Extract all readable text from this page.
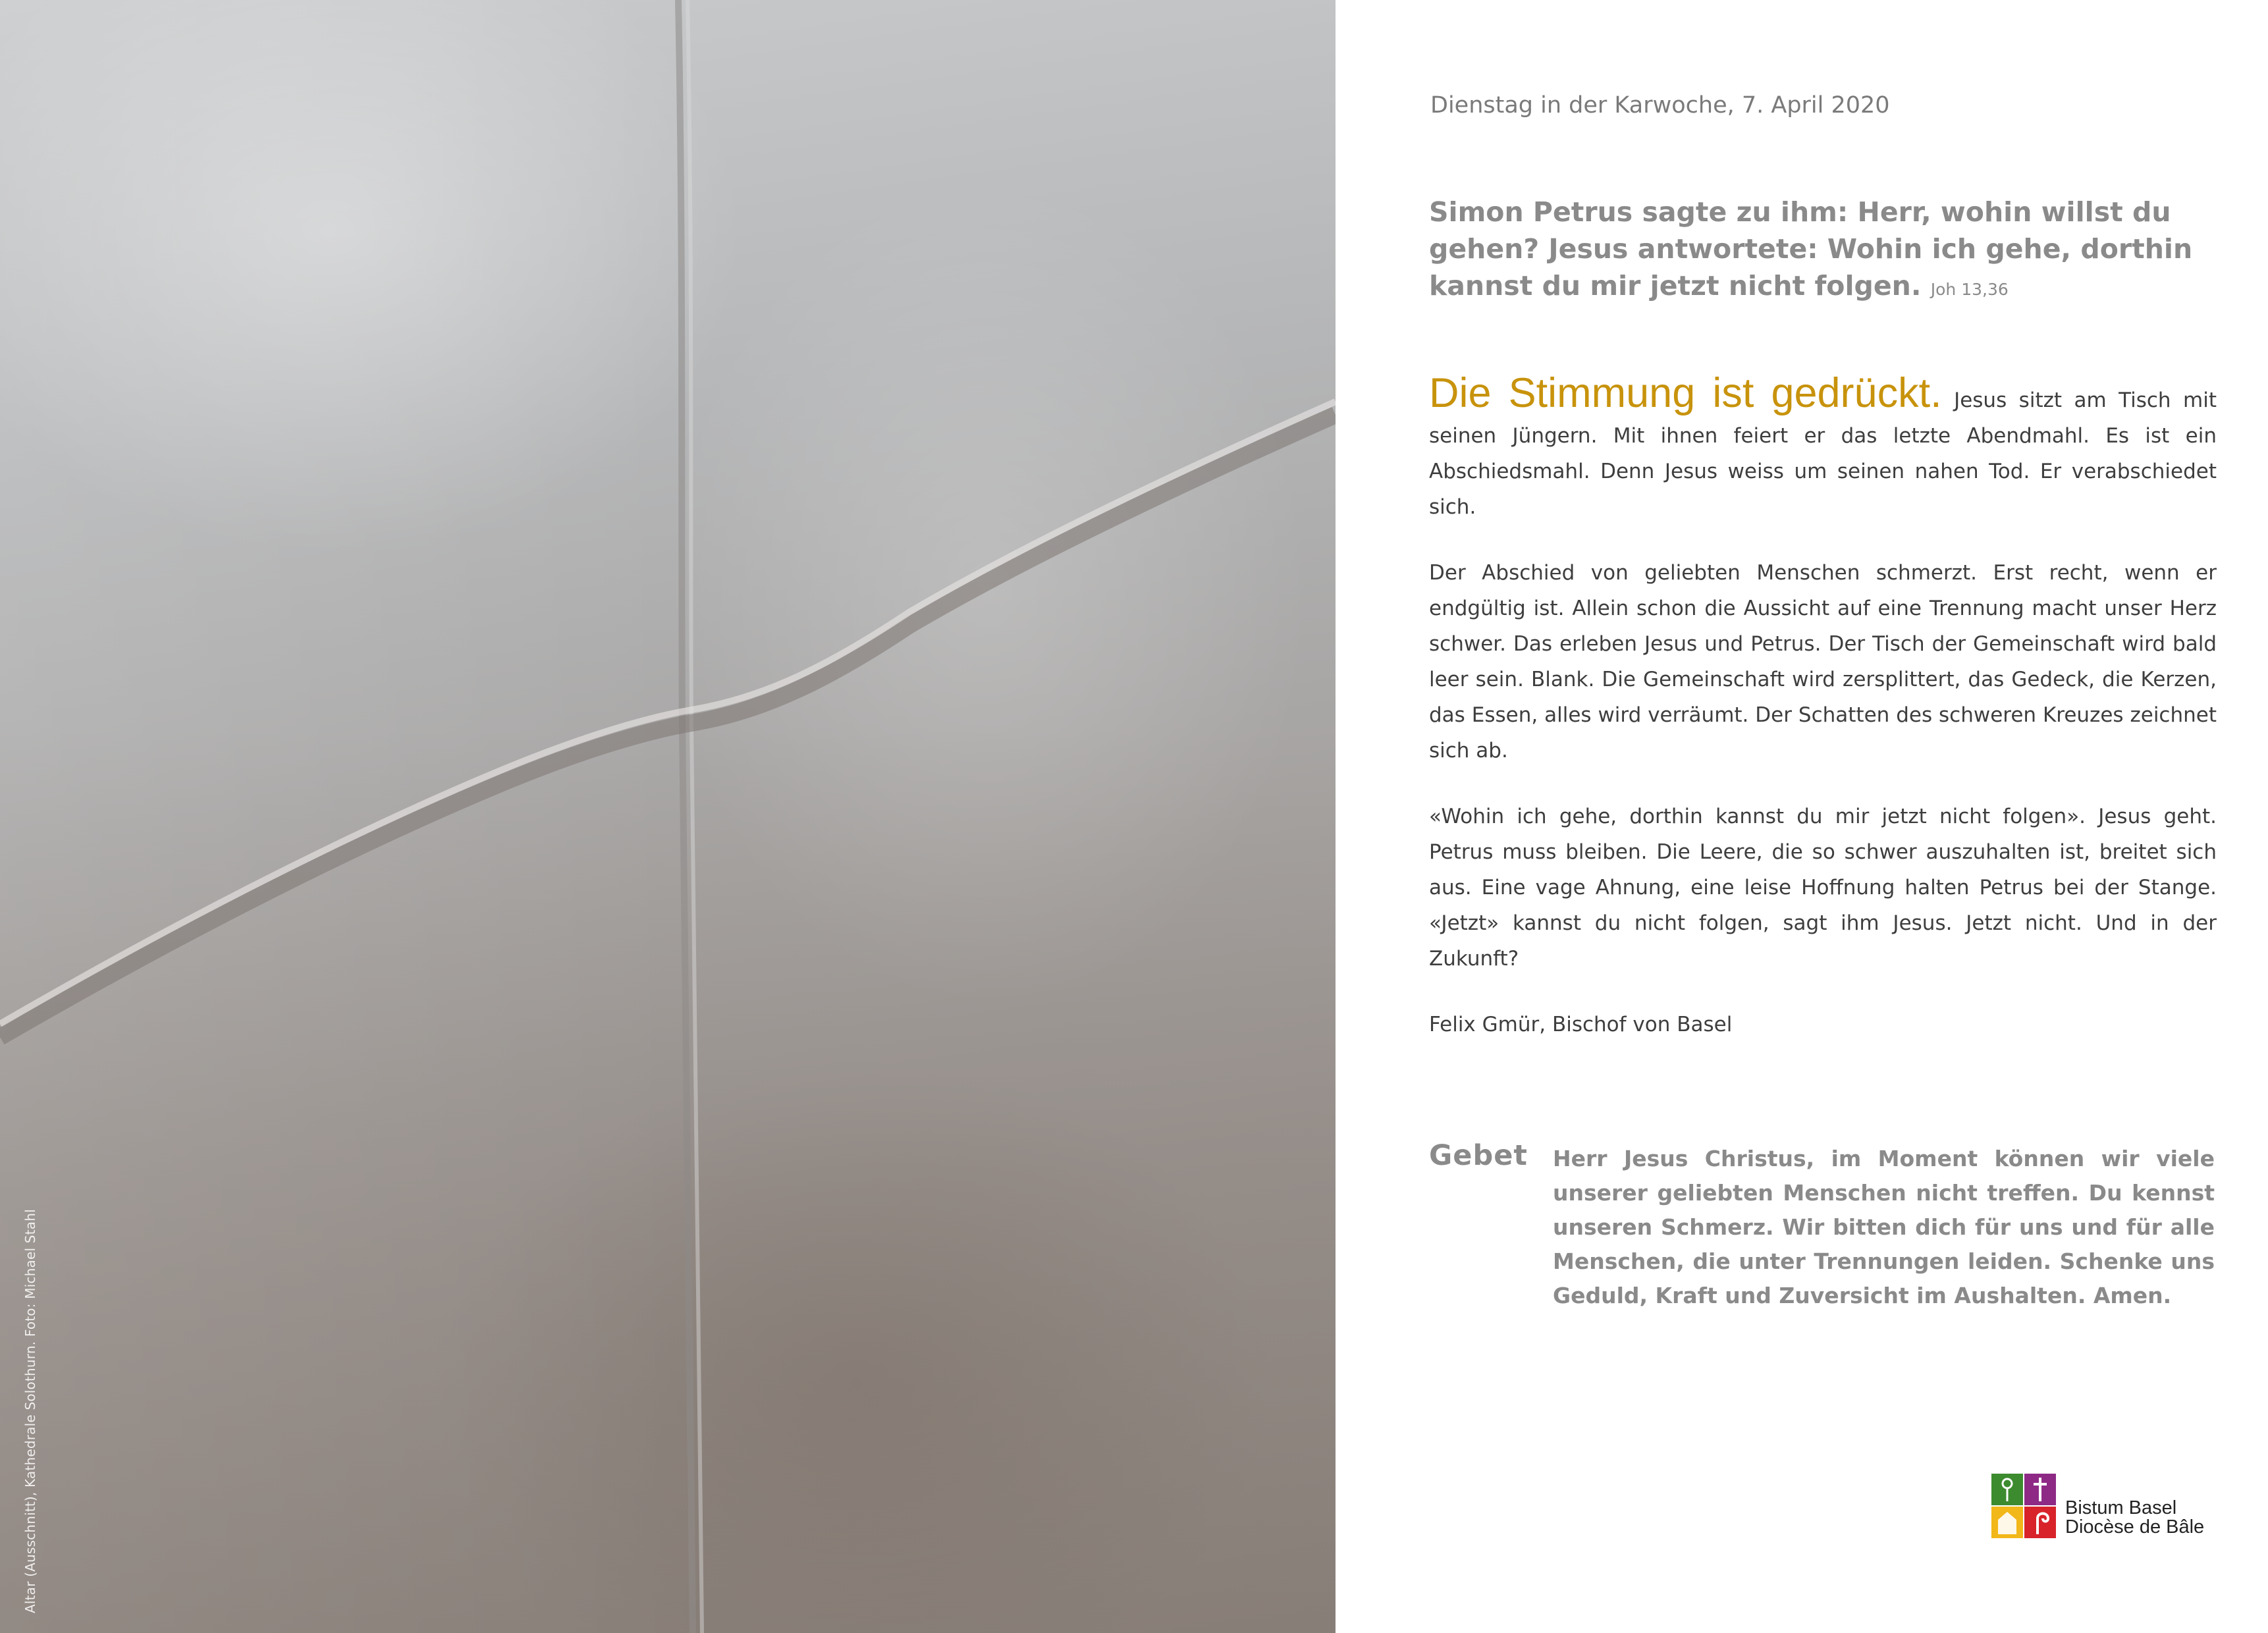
Altar (Ausschnitt), Kathedrale Solothurn. Foto: Michael Stahl
Dienstag in der Karwoche, 7. April 2020
Simon Petrus sagte zu ihm: Herr, wohin willst du gehen? Jesus antwortete: Wohin ich gehe, dorthin kannst du mir jetzt nicht folgen. Joh 13,36

Die Stimmung ist gedrückt. Jesus sitzt am Tisch mit seinen Jüngern. Mit ihnen feiert er das letzte Abendmahl. Es ist ein Abschiedsmahl. Denn Jesus weiss um seinen nahen Tod. Er verabschiedet sich.

Der Abschied von geliebten Menschen schmerzt. Erst recht, wenn er endgültig ist. Allein schon die Aussicht auf eine Trennung macht unser Herz schwer. Das erleben Jesus und Petrus. Der Tisch der Gemeinschaft wird bald leer sein. Blank. Die Gemeinschaft wird zersplittert, das Gedeck, die Kerzen, das Essen, alles wird verräumt. Der Schatten des schweren Kreuzes zeichnet sich ab.

«Wohin ich gehe, dorthin kannst du mir jetzt nicht folgen». Jesus geht. Petrus muss bleiben. Die Leere, die so schwer auszuhalten ist, breitet sich aus. Eine vage Ahnung, eine leise Hoffnung halten Petrus bei der Stange. «Jetzt» kannst du nicht folgen, sagt ihm Jesus. Jetzt nicht. Und in der Zukunft?

Felix Gmür, Bischof von Basel

Gebet Herr Jesus Christus, im Moment können wir viele unserer geliebten Menschen nicht treffen. Du kennst unseren Schmerz. Wir bitten dich für uns und für alle Menschen, die unter Trennungen leiden. Schenke uns Geduld, Kraft und Zuversicht im Aushalten. Amen.
Bistum Basel
Diocèse de Bâle
